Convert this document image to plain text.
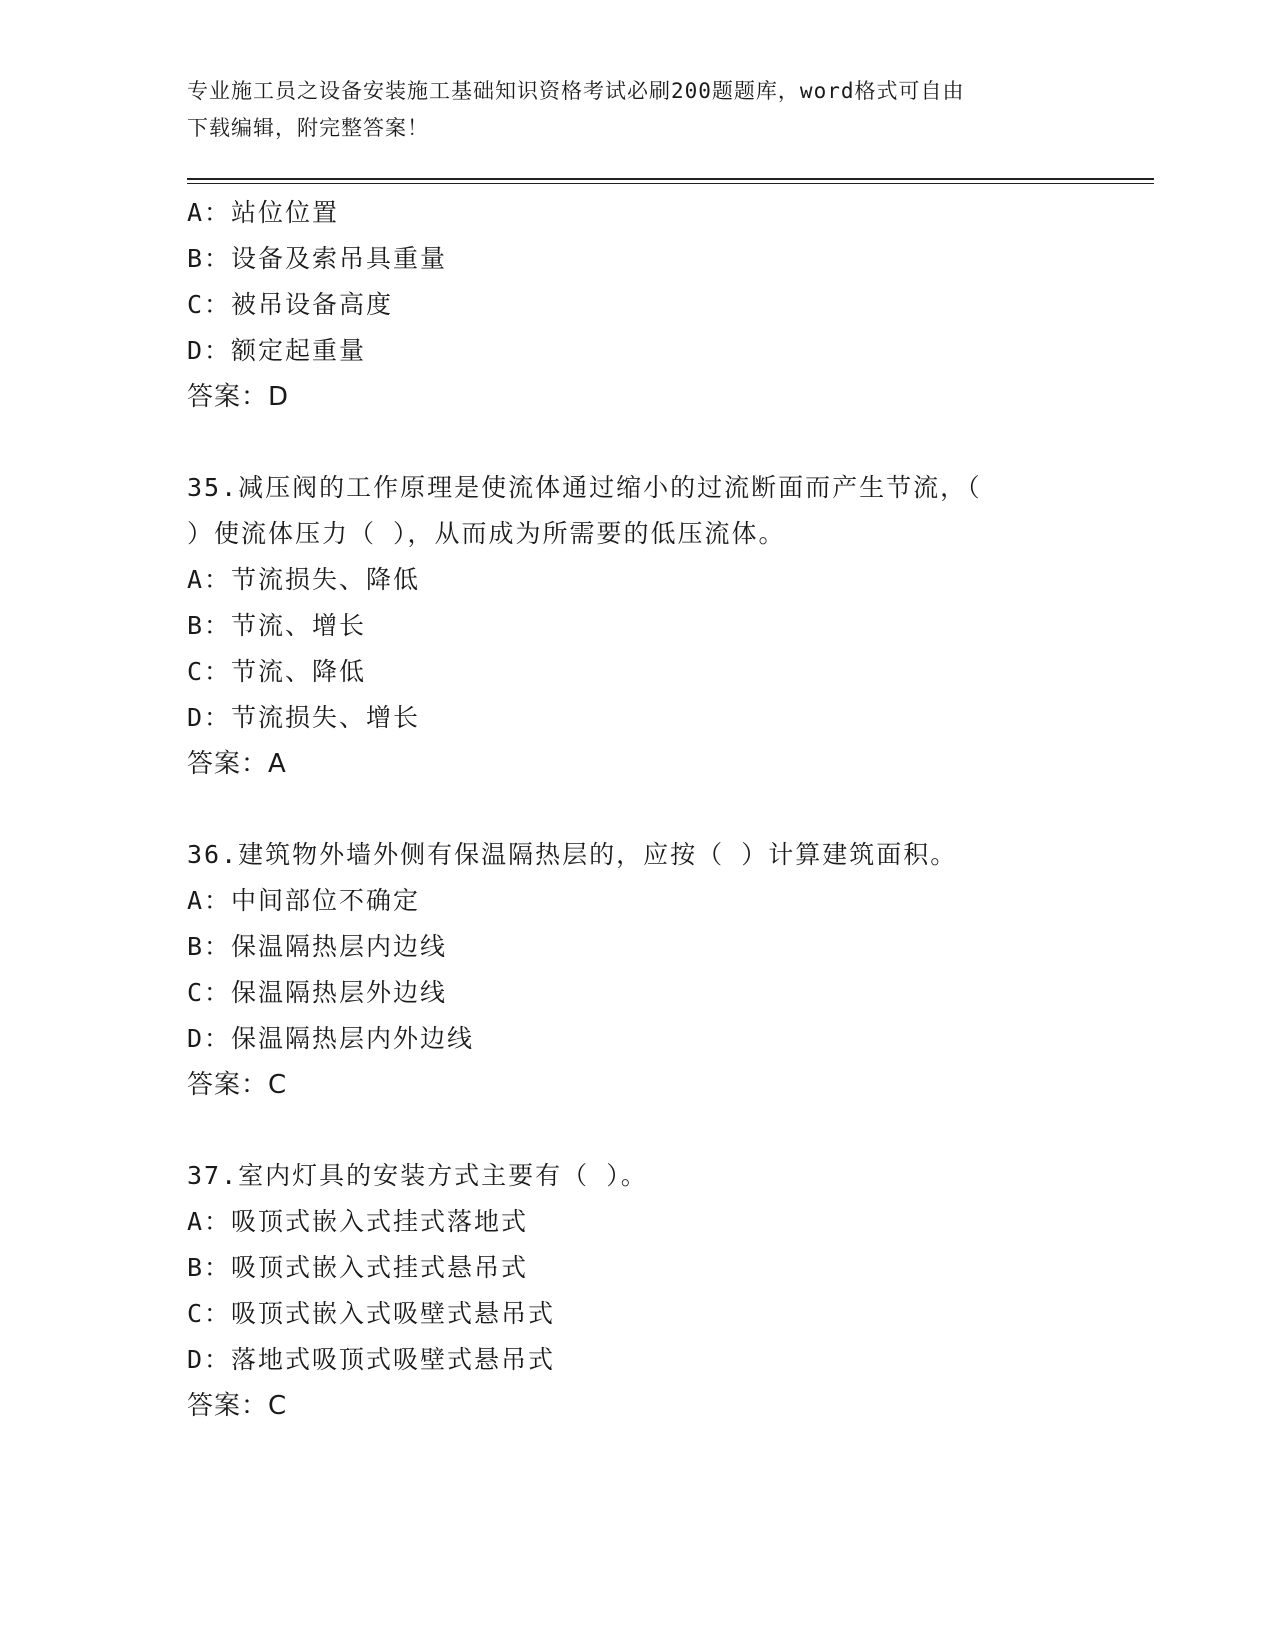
专业施工员之设备安装施工基础知识资格考试必刷200题题库，word格式可自由
下载编辑，附完整答案！
A：站位位置
B：设备及索吊具重量
C：被吊设备高度
D：额定起重量
答案：D
35.减压阀的工作原理是使流体通过缩小的过流断面而产生节流，（
）使流体压力（ ），从而成为所需要的低压流体。
A：节流损失、降低
B：节流、增长
C：节流、降低
D：节流损失、增长
答案：A
36.建筑物外墙外侧有保温隔热层的，应按（ ）计算建筑面积。
A：中间部位不确定
B：保温隔热层内边线
C：保温隔热层外边线
D：保温隔热层内外边线
答案：C
37.室内灯具的安装方式主要有（ ）。
A：吸顶式嵌入式挂式落地式
B：吸顶式嵌入式挂式悬吊式
C：吸顶式嵌入式吸壁式悬吊式
D：落地式吸顶式吸壁式悬吊式
答案：C
